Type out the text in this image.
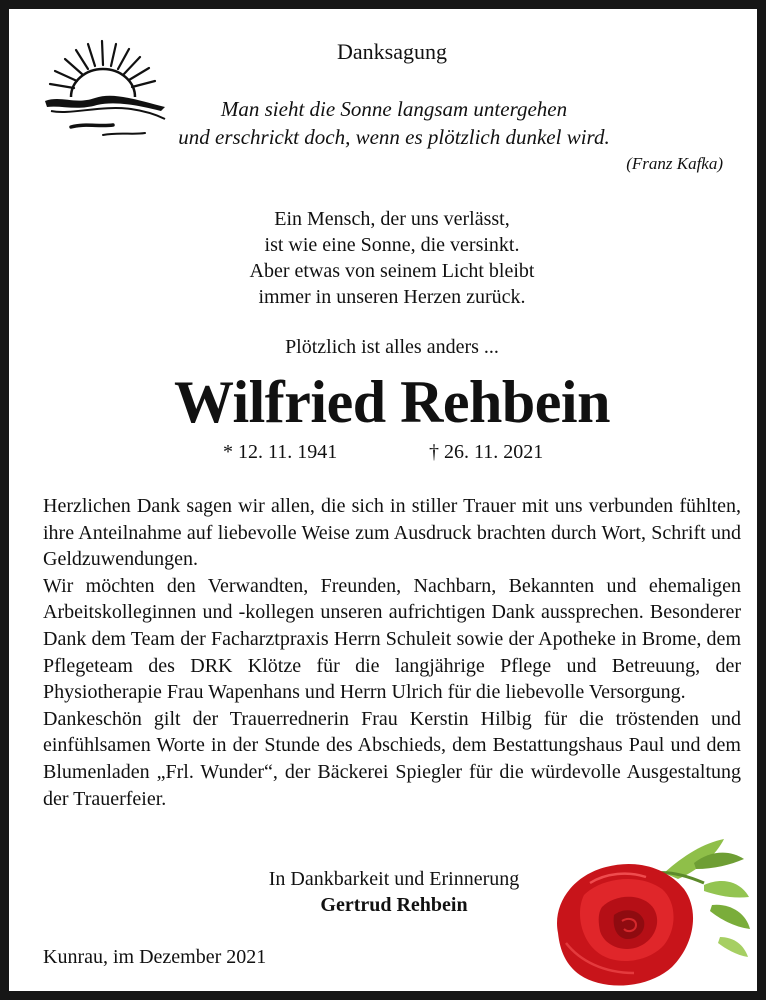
Danksagung
Man sieht die Sonne langsam untergehen
und erschrickt doch, wenn es plötzlich dunkel wird.
(Franz Kafka)
Ein Mensch, der uns verlässt,
ist wie eine Sonne, die versinkt.
Aber etwas von seinem Licht bleibt
immer in unseren Herzen zurück.
Plötzlich ist alles anders ...
Wilfried Rehbein
* 12. 11. 1941	† 26. 11. 2021

Herzlichen Dank sagen wir allen, die sich in stiller Trauer mit uns verbunden fühlten, ihre Anteilnahme auf liebevolle Weise zum Ausdruck brachten durch Wort, Schrift und Geldzuwendungen.

Wir möchten den Verwandten, Freunden, Nachbarn, Bekannten und ehemaligen Arbeitskolleginnen und -kollegen unseren aufrichtigen Dank aussprechen. Besonderer Dank dem Team der Facharztpraxis Herrn Schuleit sowie der Apotheke in Brome, dem Pflegeteam des DRK Klötze für die langjährige Pflege und Betreuung, der Physiotherapie Frau Wapenhans und Herrn Ulrich für die liebevolle Versorgung.

Dankeschön gilt der Trauerrednerin Frau Kerstin Hilbig für die tröstenden und einfühlsamen Worte in der Stunde des Abschieds, dem Bestattungshaus Paul und dem Blumenladen „Frl. Wunder“, der Bäckerei Spiegler für die würdevolle Ausgestaltung der Trauerfeier.

In Dankbarkeit und Erinnerung
Gertrud Rehbein
Kunrau, im Dezember 2021
